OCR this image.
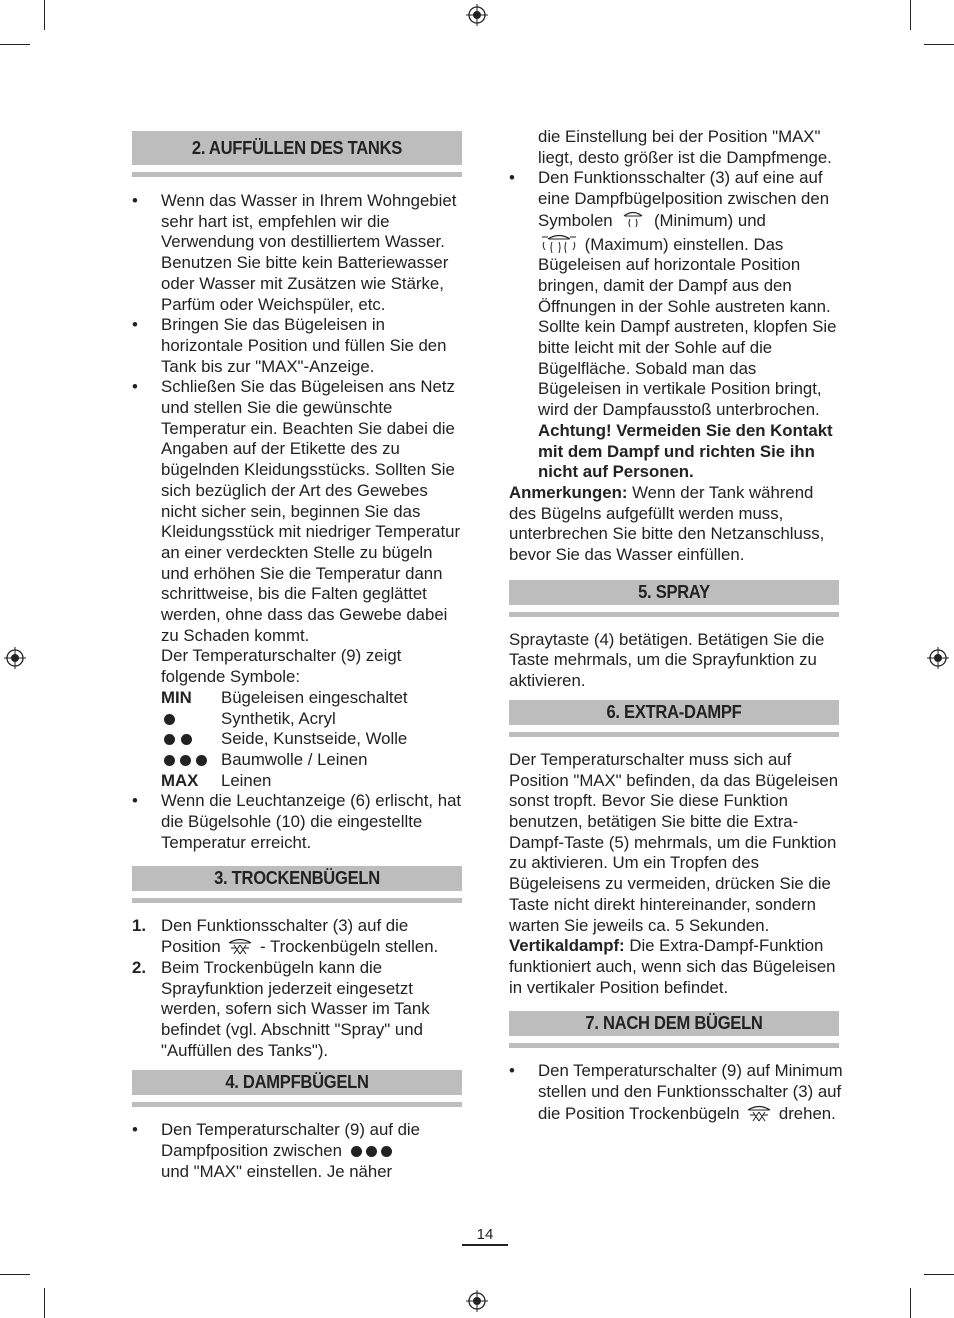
2. AUFFÜLLEN DES TANKS
• Wenn das Wasser in Ihrem Wohngebiet sehr hart ist, empfehlen wir die Verwendung von destilliertem Wasser. Benutzen Sie bitte kein Batteriewasser oder Wasser mit Zusätzen wie Stärke, Parfüm oder Weichspüler, etc.
• Bringen Sie das Bügeleisen in horizontale Position und füllen Sie den Tank bis zur "MAX"-Anzeige.
• Schließen Sie das Bügeleisen ans Netz und stellen Sie die gewünschte Temperatur ein. Beachten Sie dabei die Angaben auf der Etikette des zu bügelnden Kleidungsstücks. Sollten Sie sich bezüglich der Art des Gewebes nicht sicher sein, beginnen Sie das Kleidungsstück mit niedriger Temperatur an einer verdeckten Stelle zu bügeln und erhöhen Sie die Temperatur dann schrittweise, bis die Falten geglättet werden, ohne dass das Gewebe dabei zu Schaden kommt.
Der Temperaturschalter (9) zeigt folgende Symbole:
MIN	Bügeleisen eingeschaltet
Synthetik, Acryl
Seide, Kunstseide, Wolle
Baumwolle / Leinen
MAX	Leinen
• Wenn die Leuchtanzeige (6) erlischt, hat die Bügelsohle (10) die eingestellte Temperatur erreicht.
3. TROCKENBÜGELN
1. Den Funktionsschalter (3) auf die Position - Trockenbügeln stellen.
2. Beim Trockenbügeln kann die Sprayfunktion jederzeit eingesetzt werden, sofern sich Wasser im Tank befindet (vgl. Abschnitt "Spray" und "Auffüllen des Tanks").
4. DAMPFBÜGELN
• Den Temperaturschalter (9) auf die Dampfposition zwischen
und "MAX" einstellen. Je näher
die Einstellung bei der Position "MAX" liegt, desto größer ist die Dampfmenge.
• Den Funktionsschalter (3) auf eine auf eine Dampfbügelposition zwischen den Symbolen (Minimum) und
(Maximum) einstellen. Das Bügeleisen auf horizontale Position bringen, damit der Dampf aus den Öffnungen in der Sohle austreten kann. Sollte kein Dampf austreten, klopfen Sie bitte leicht mit der Sohle auf die Bügelfläche. Sobald man das Bügeleisen in vertikale Position bringt, wird der Dampfausstoß unterbrochen.
Achtung! Vermeiden Sie den Kontakt mit dem Dampf und richten Sie ihn nicht auf Personen.
Anmerkungen: Wenn der Tank während des Bügelns aufgefüllt werden muss, unterbrechen Sie bitte den Netzanschluss, bevor Sie das Wasser einfüllen.
5. SPRAY
Spraytaste (4) betätigen. Betätigen Sie die Taste mehrmals, um die Sprayfunktion zu aktivieren.
6. EXTRA-DAMPF
Der Temperaturschalter muss sich auf Position "MAX" befinden, da das Bügeleisen sonst tropft. Bevor Sie diese Funktion benutzen, betätigen Sie bitte die Extra-Dampf-Taste (5) mehrmals, um die Funktion zu aktivieren. Um ein Tropfen des Bügeleisens zu vermeiden, drücken Sie die Taste nicht direkt hintereinander, sondern warten Sie jeweils ca. 5 Sekunden.
Vertikaldampf: Die Extra-Dampf-Funktion funktioniert auch, wenn sich das Bügeleisen in vertikaler Position befindet.
7. NACH DEM BÜGELN
• Den Temperaturschalter (9) auf Minimum stellen und den Funktionsschalter (3) auf die Position Trockenbügeln drehen.
14
